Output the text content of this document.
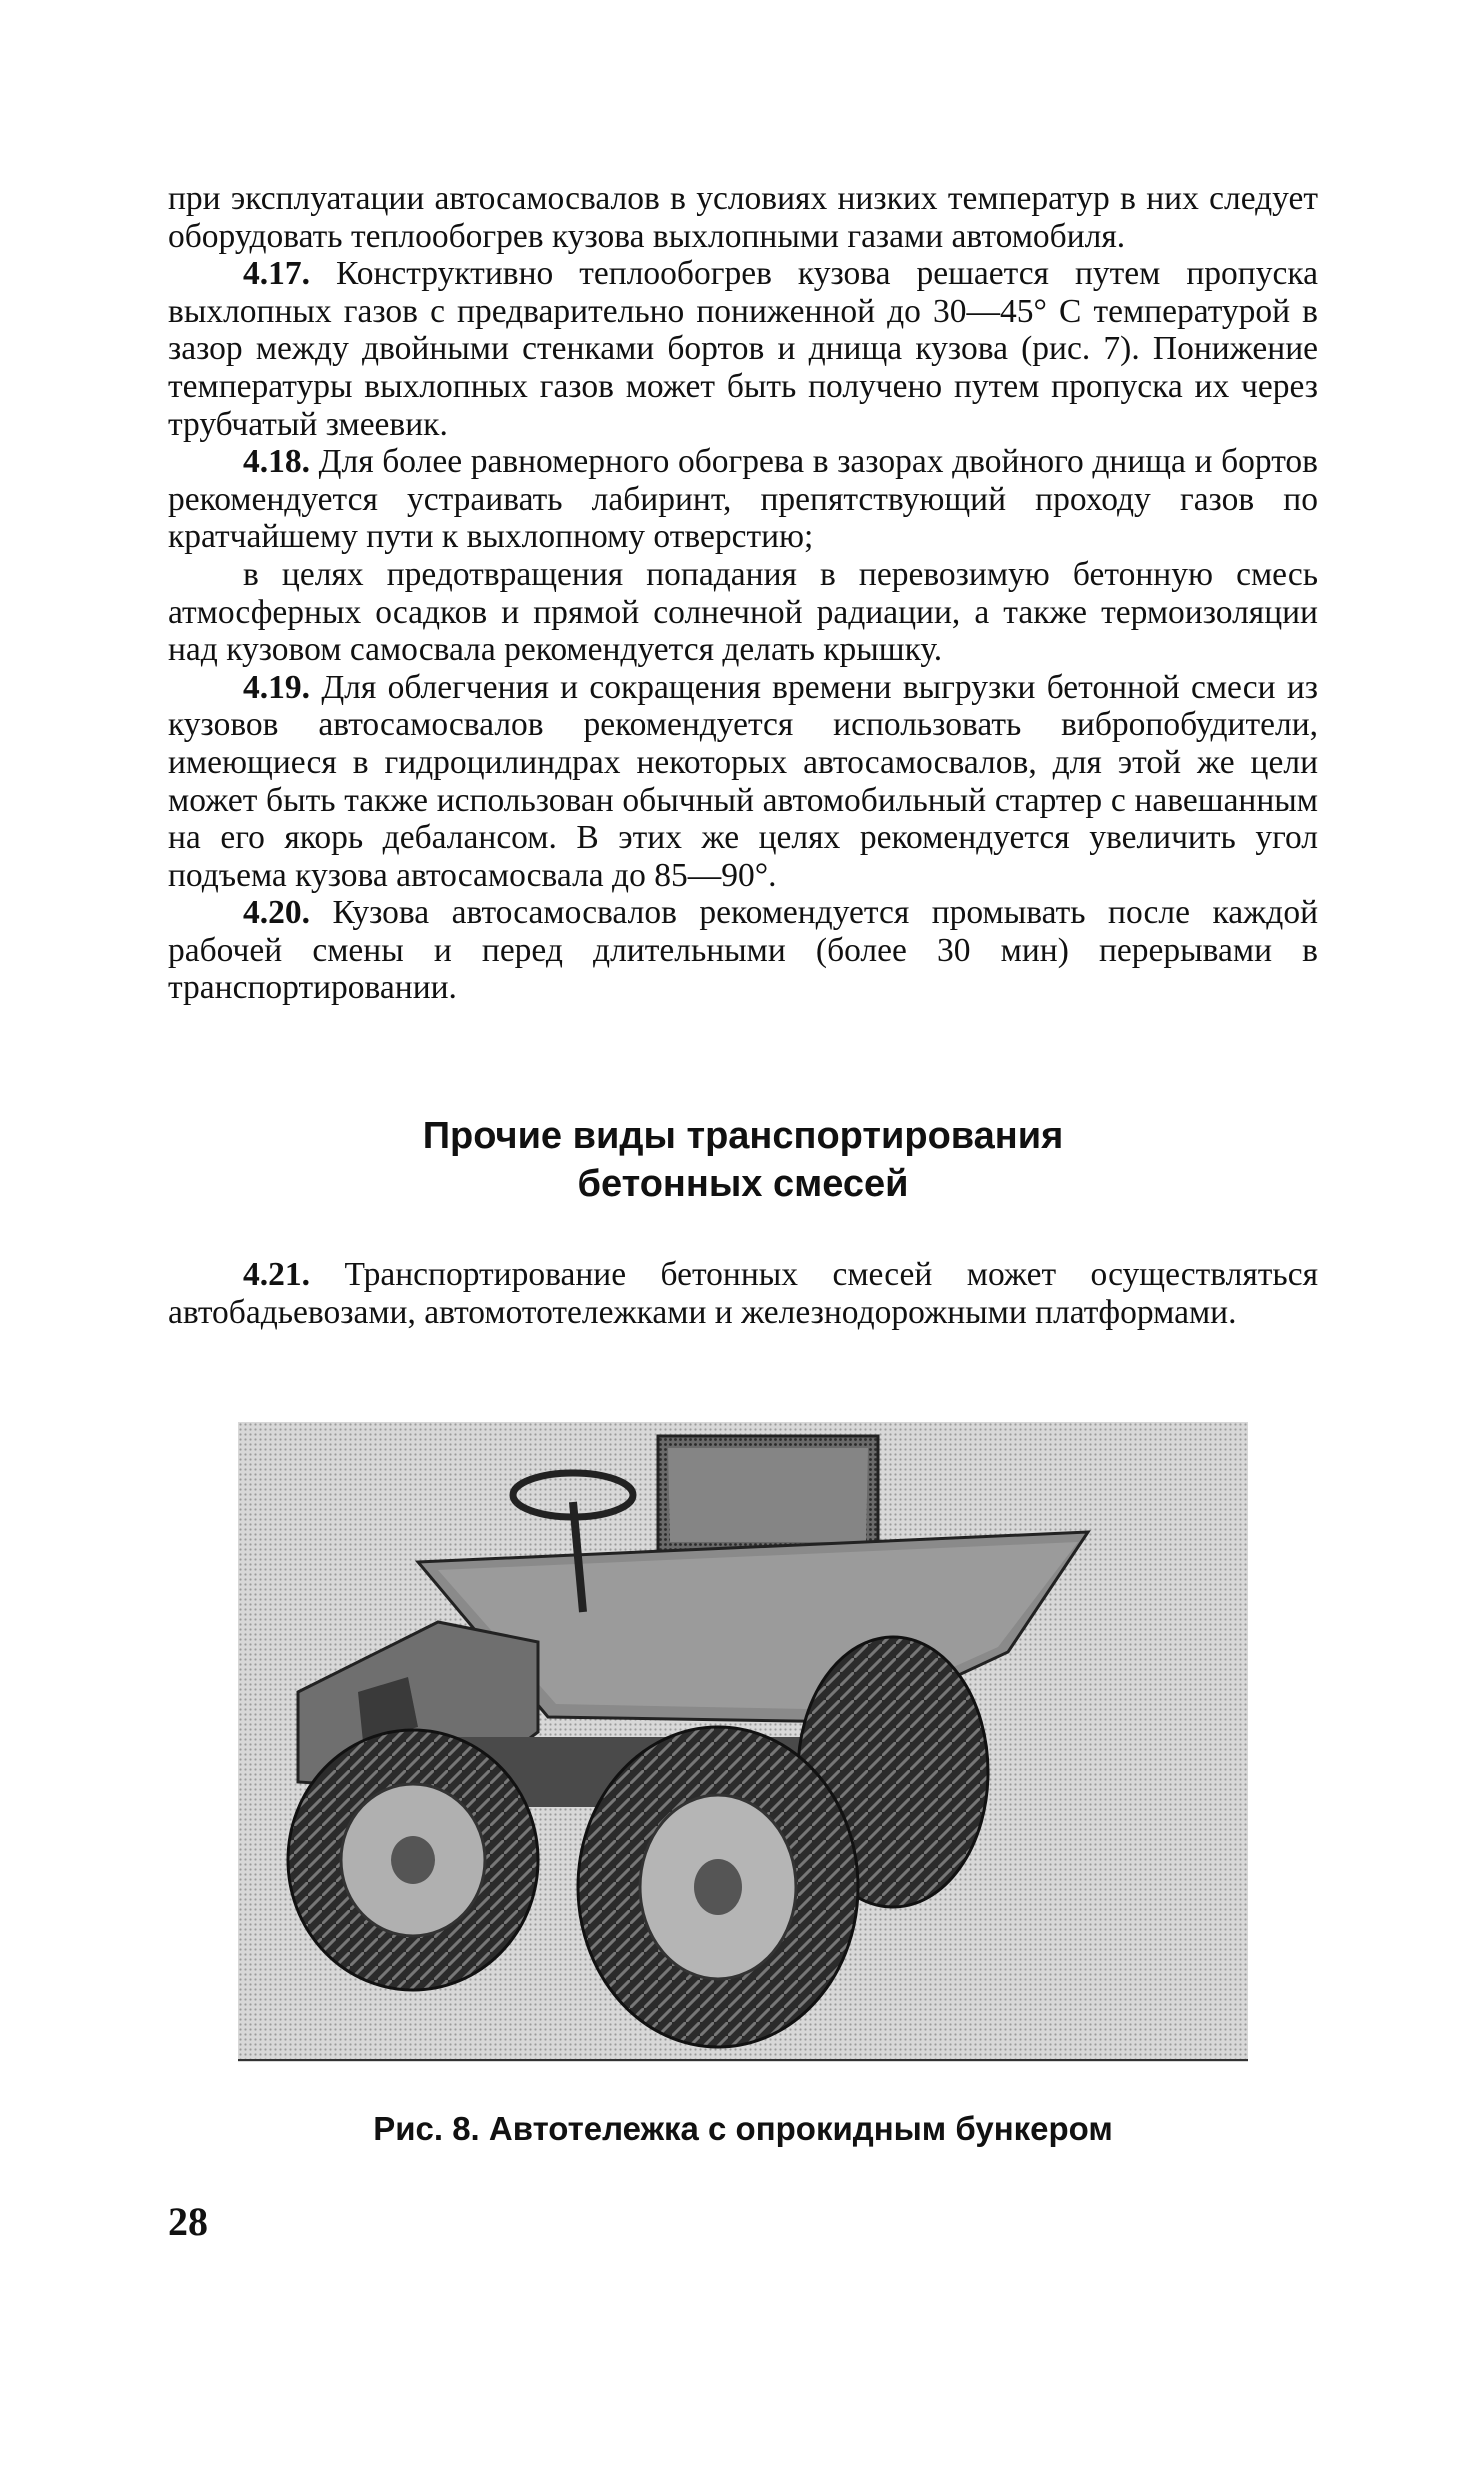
при эксплуатации автосамосвалов в условиях низких температур в них следует оборудовать теплообогрев кузова выхлопными газами автомобиля.

4.17. Конструктивно теплообогрев кузова решается путем пропуска выхлопных газов с предварительно пониженной до 30—45° С температурой в зазор между двойными стенками бортов и днища кузова (рис. 7). Понижение температуры выхлопных газов может быть получено путем пропуска их через трубчатый змеевик.

4.18. Для более равномерного обогрева в зазорах двойного днища и бортов рекомендуется устраивать лабиринт, препятствующий проходу газов по кратчайшему пути к выхлопному отверстию;

в целях предотвращения попадания в перевозимую бетонную смесь атмосферных осадков и прямой солнечной радиации, а также термоизоляции над кузовом самосвала рекомендуется делать крышку.

4.19. Для облегчения и сокращения времени выгрузки бетонной смеси из кузовов автосамосвалов рекомендуется использовать вибропобудители, имеющиеся в гидроцилиндрах некоторых автосамосвалов, для этой же цели может быть также использован обычный автомобильный стартер с навешанным на его якорь дебалансом. В этих же целях рекомендуется увеличить угол подъема кузова автосамосвала до 85—90°.

4.20. Кузова автосамосвалов рекомендуется промывать после каждой рабочей смены и перед длительными (более 30 мин) перерывами в транспортировании.

Прочие виды транспортирования
бетонных смесей

4.21. Транспортирование бетонных смесей может осуществляться автобадьевозами, автомототележками и железнодорожными платформами.

Рис. 8. Автотележка с опрокидным бункером
28
